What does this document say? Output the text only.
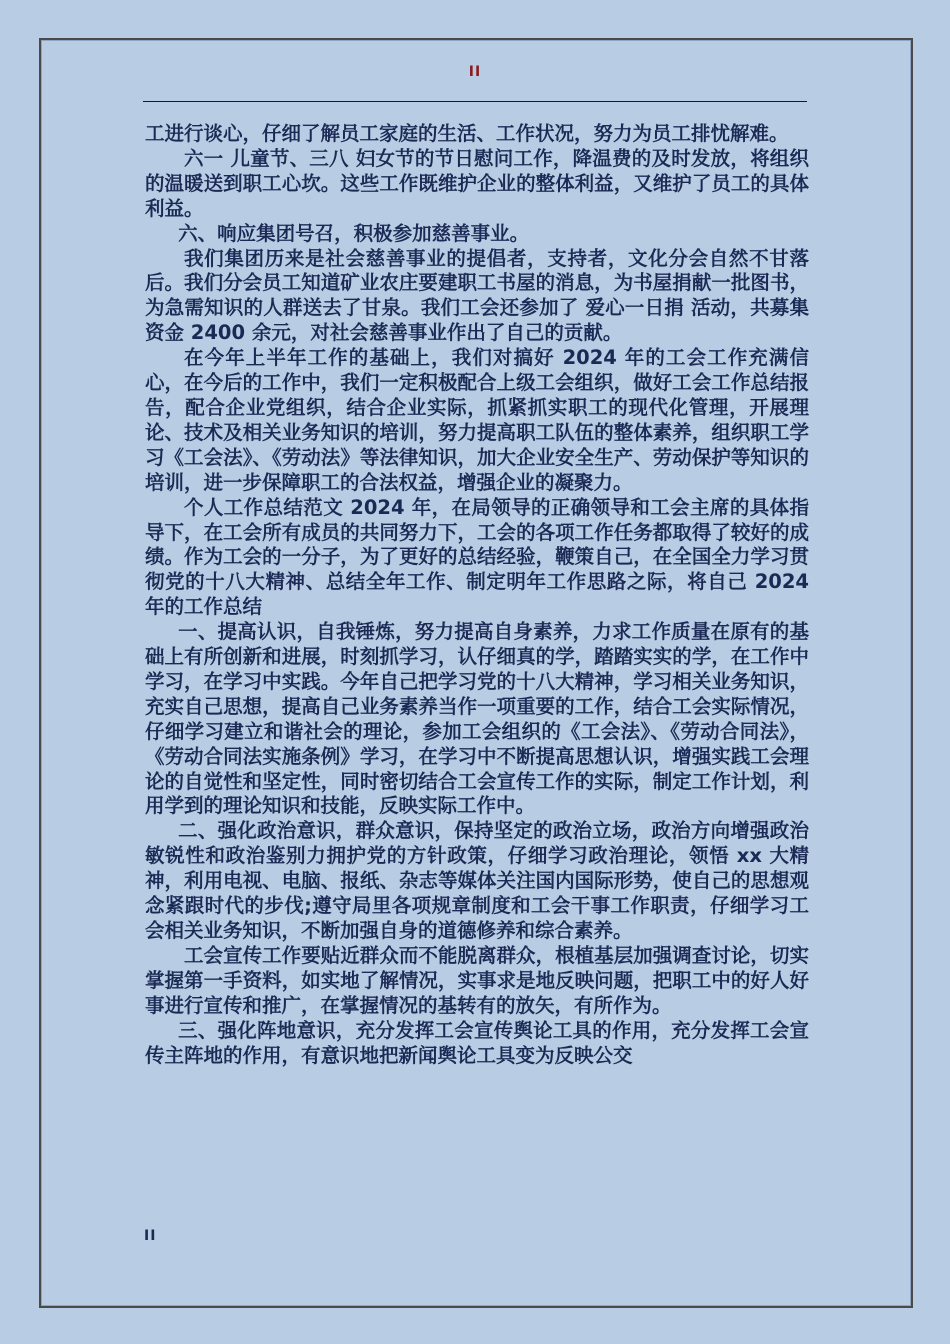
II

工进行谈心，仔细了解员工家庭的生活、工作状况，努力为员工排忧解难。

六一 儿童节、三八 妇女节的节日慰问工作，降温费的及时发放，将组织的温暖送到职工心坎。这些工作既维护企业的整体利益，又维护了员工的具体利益。

六、响应集团号召，积极参加慈善事业。

我们集团历来是社会慈善事业的提倡者，支持者，文化分会自然不甘落后。我们分会员工知道矿业农庄要建职工书屋的消息，为书屋捐献一批图书，为急需知识的人群送去了甘泉。我们工会还参加了 爱心一日捐 活动，共募集资金 2400 余元，对社会慈善事业作出了自己的贡献。

在今年上半年工作的基础上，我们对搞好 2024 年的工会工作充满信心，在今后的工作中，我们一定积极配合上级工会组织，做好工会工作总结报告，配合企业党组织，结合企业实际，抓紧抓实职工的现代化管理，开展理论、技术及相关业务知识的培训，努力提高职工队伍的整体素养，组织职工学习《工会法》、《劳动法》等法律知识，加大企业安全生产、劳动保护等知识的培训，进一步保障职工的合法权益，增强企业的凝聚力。

个人工作总结范文 2024 年，在局领导的正确领导和工会主席的具体指导下，在工会所有成员的共同努力下，工会的各项工作任务都取得了较好的成绩。作为工会的一分子，为了更好的总结经验，鞭策自己，在全国全力学习贯彻党的十八大精神、总结全年工作、制定明年工作思路之际，将自己 2024 年的工作总结

一、提高认识，自我锤炼，努力提高自身素养，力求工作质量在原有的基础上有所创新和进展，时刻抓学习，认仔细真的学，踏踏实实的学，在工作中学习，在学习中实践。今年自己把学习党的十八大精神，学习相关业务知识，充实自己思想，提高自己业务素养当作一项重要的工作，结合工会实际情况，仔细学习建立和谐社会的理论，参加工会组织的《工会法》、《劳动合同法》，《劳动合同法实施条例》学习，在学习中不断提高思想认识，增强实践工会理论的自觉性和坚定性，同时密切结合工会宣传工作的实际，制定工作计划，利用学到的理论知识和技能，反映实际工作中。

二、强化政治意识，群众意识，保持坚定的政治立场，政治方向增强政治敏锐性和政治鉴别力拥护党的方针政策，仔细学习政治理论，领悟 xx 大精神，利用电视、电脑、报纸、杂志等媒体关注国内国际形势，使自己的思想观念紧跟时代的步伐;遵守局里各项规章制度和工会干事工作职责，仔细学习工会相关业务知识，不断加强自身的道德修养和综合素养。

工会宣传工作要贴近群众而不能脱离群众，根植基层加强调查讨论，切实掌握第一手资料，如实地了解情况，实事求是地反映问题，把职工中的好人好事进行宣传和推广，在掌握情况的基转有的放矢，有所作为。

三、强化阵地意识，充分发挥工会宣传舆论工具的作用，充分发挥工会宣传主阵地的作用，有意识地把新闻舆论工具变为反映公交

II
